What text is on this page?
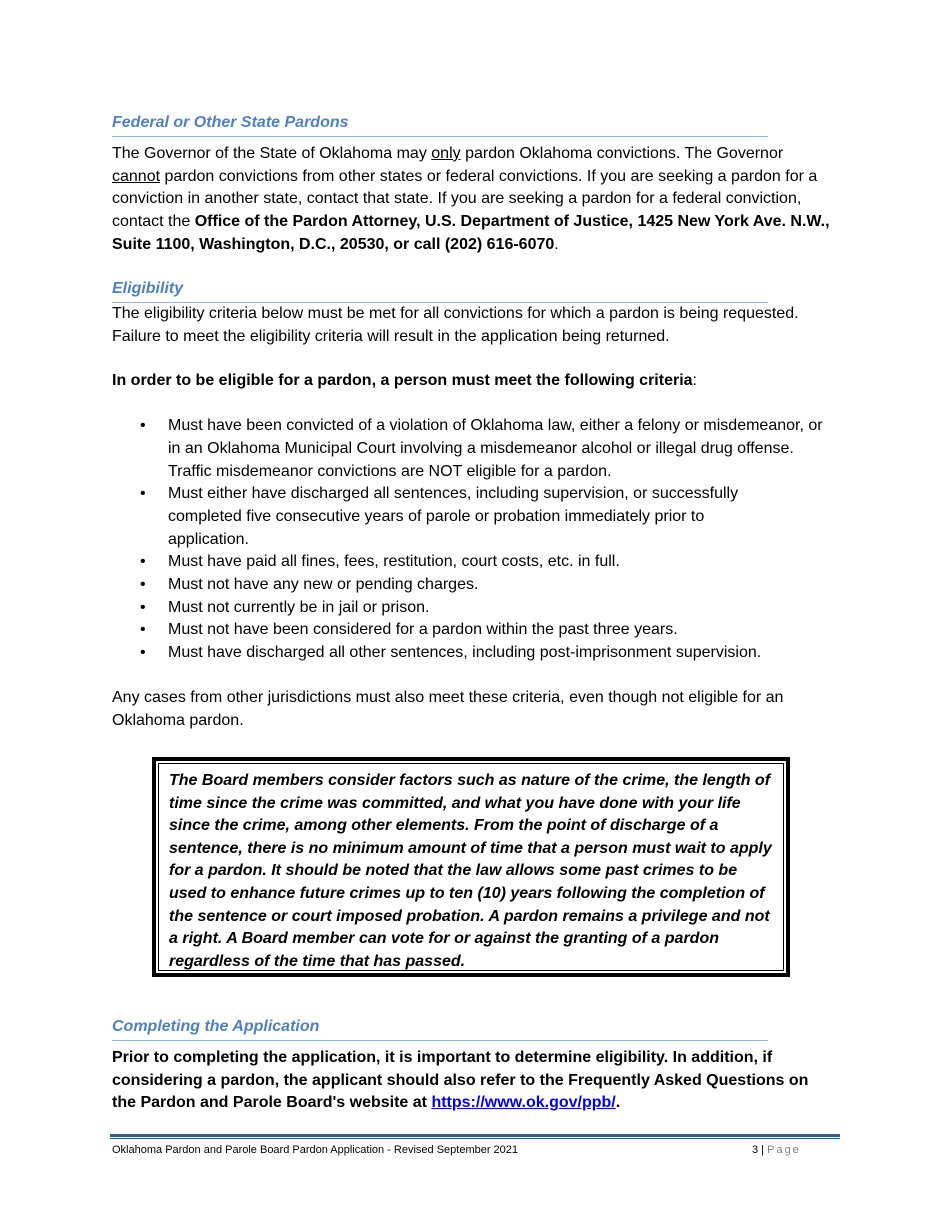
Federal or Other State Pardons
The Governor of the State of Oklahoma may only pardon Oklahoma convictions. The Governor
cannot pardon convictions from other states or federal convictions. If you are seeking a pardon for a conviction in another state, contact that state. If you are seeking a pardon for a federal conviction, contact the Office of the Pardon Attorney, U.S. Department of Justice, 1425 New York Ave. N.W., Suite 1100, Washington, D.C., 20530, or call (202) 616-6070.
Eligibility
The eligibility criteria below must be met for all convictions for which a pardon is being requested. Failure to meet the eligibility criteria will result in the application being returned.
In order to be eligible for a pardon, a person must meet the following criteria:
• Must have been convicted of a violation of Oklahoma law, either a felony or misdemeanor, or in an Oklahoma Municipal Court involving a misdemeanor alcohol or illegal drug offense. Traffic misdemeanor convictions are NOT eligible for a pardon.
• Must either have discharged all sentences, including supervision, or successfully completed five consecutive years of parole or probation immediately prior to application.
• Must have paid all fines, fees, restitution, court costs, etc. in full.
• Must not have any new or pending charges.
• Must not currently be in jail or prison.
• Must not have been considered for a pardon within the past three years.
• Must have discharged all other sentences, including post-imprisonment supervision.
Any cases from other jurisdictions must also meet these criteria, even though not eligible for an Oklahoma pardon.
The Board members consider factors such as nature of the crime, the length of time since the crime was committed, and what you have done with your life since the crime, among other elements. From the point of discharge of a sentence, there is no minimum amount of time that a person must wait to apply for a pardon. It should be noted that the law allows some past crimes to be used to enhance future crimes up to ten (10) years following the completion of the sentence or court imposed probation. A pardon remains a privilege and not a right. A Board member can vote for or against the granting of a pardon regardless of the time that has passed.
Completing the Application
Prior to completing the application, it is important to determine eligibility. In addition, if considering a pardon, the applicant should also refer to the Frequently Asked Questions on the Pardon and Parole Board's website at https://www.ok.gov/ppb/.
Oklahoma Pardon and Parole Board Pardon Application - Revised September 2021	3 | Page
